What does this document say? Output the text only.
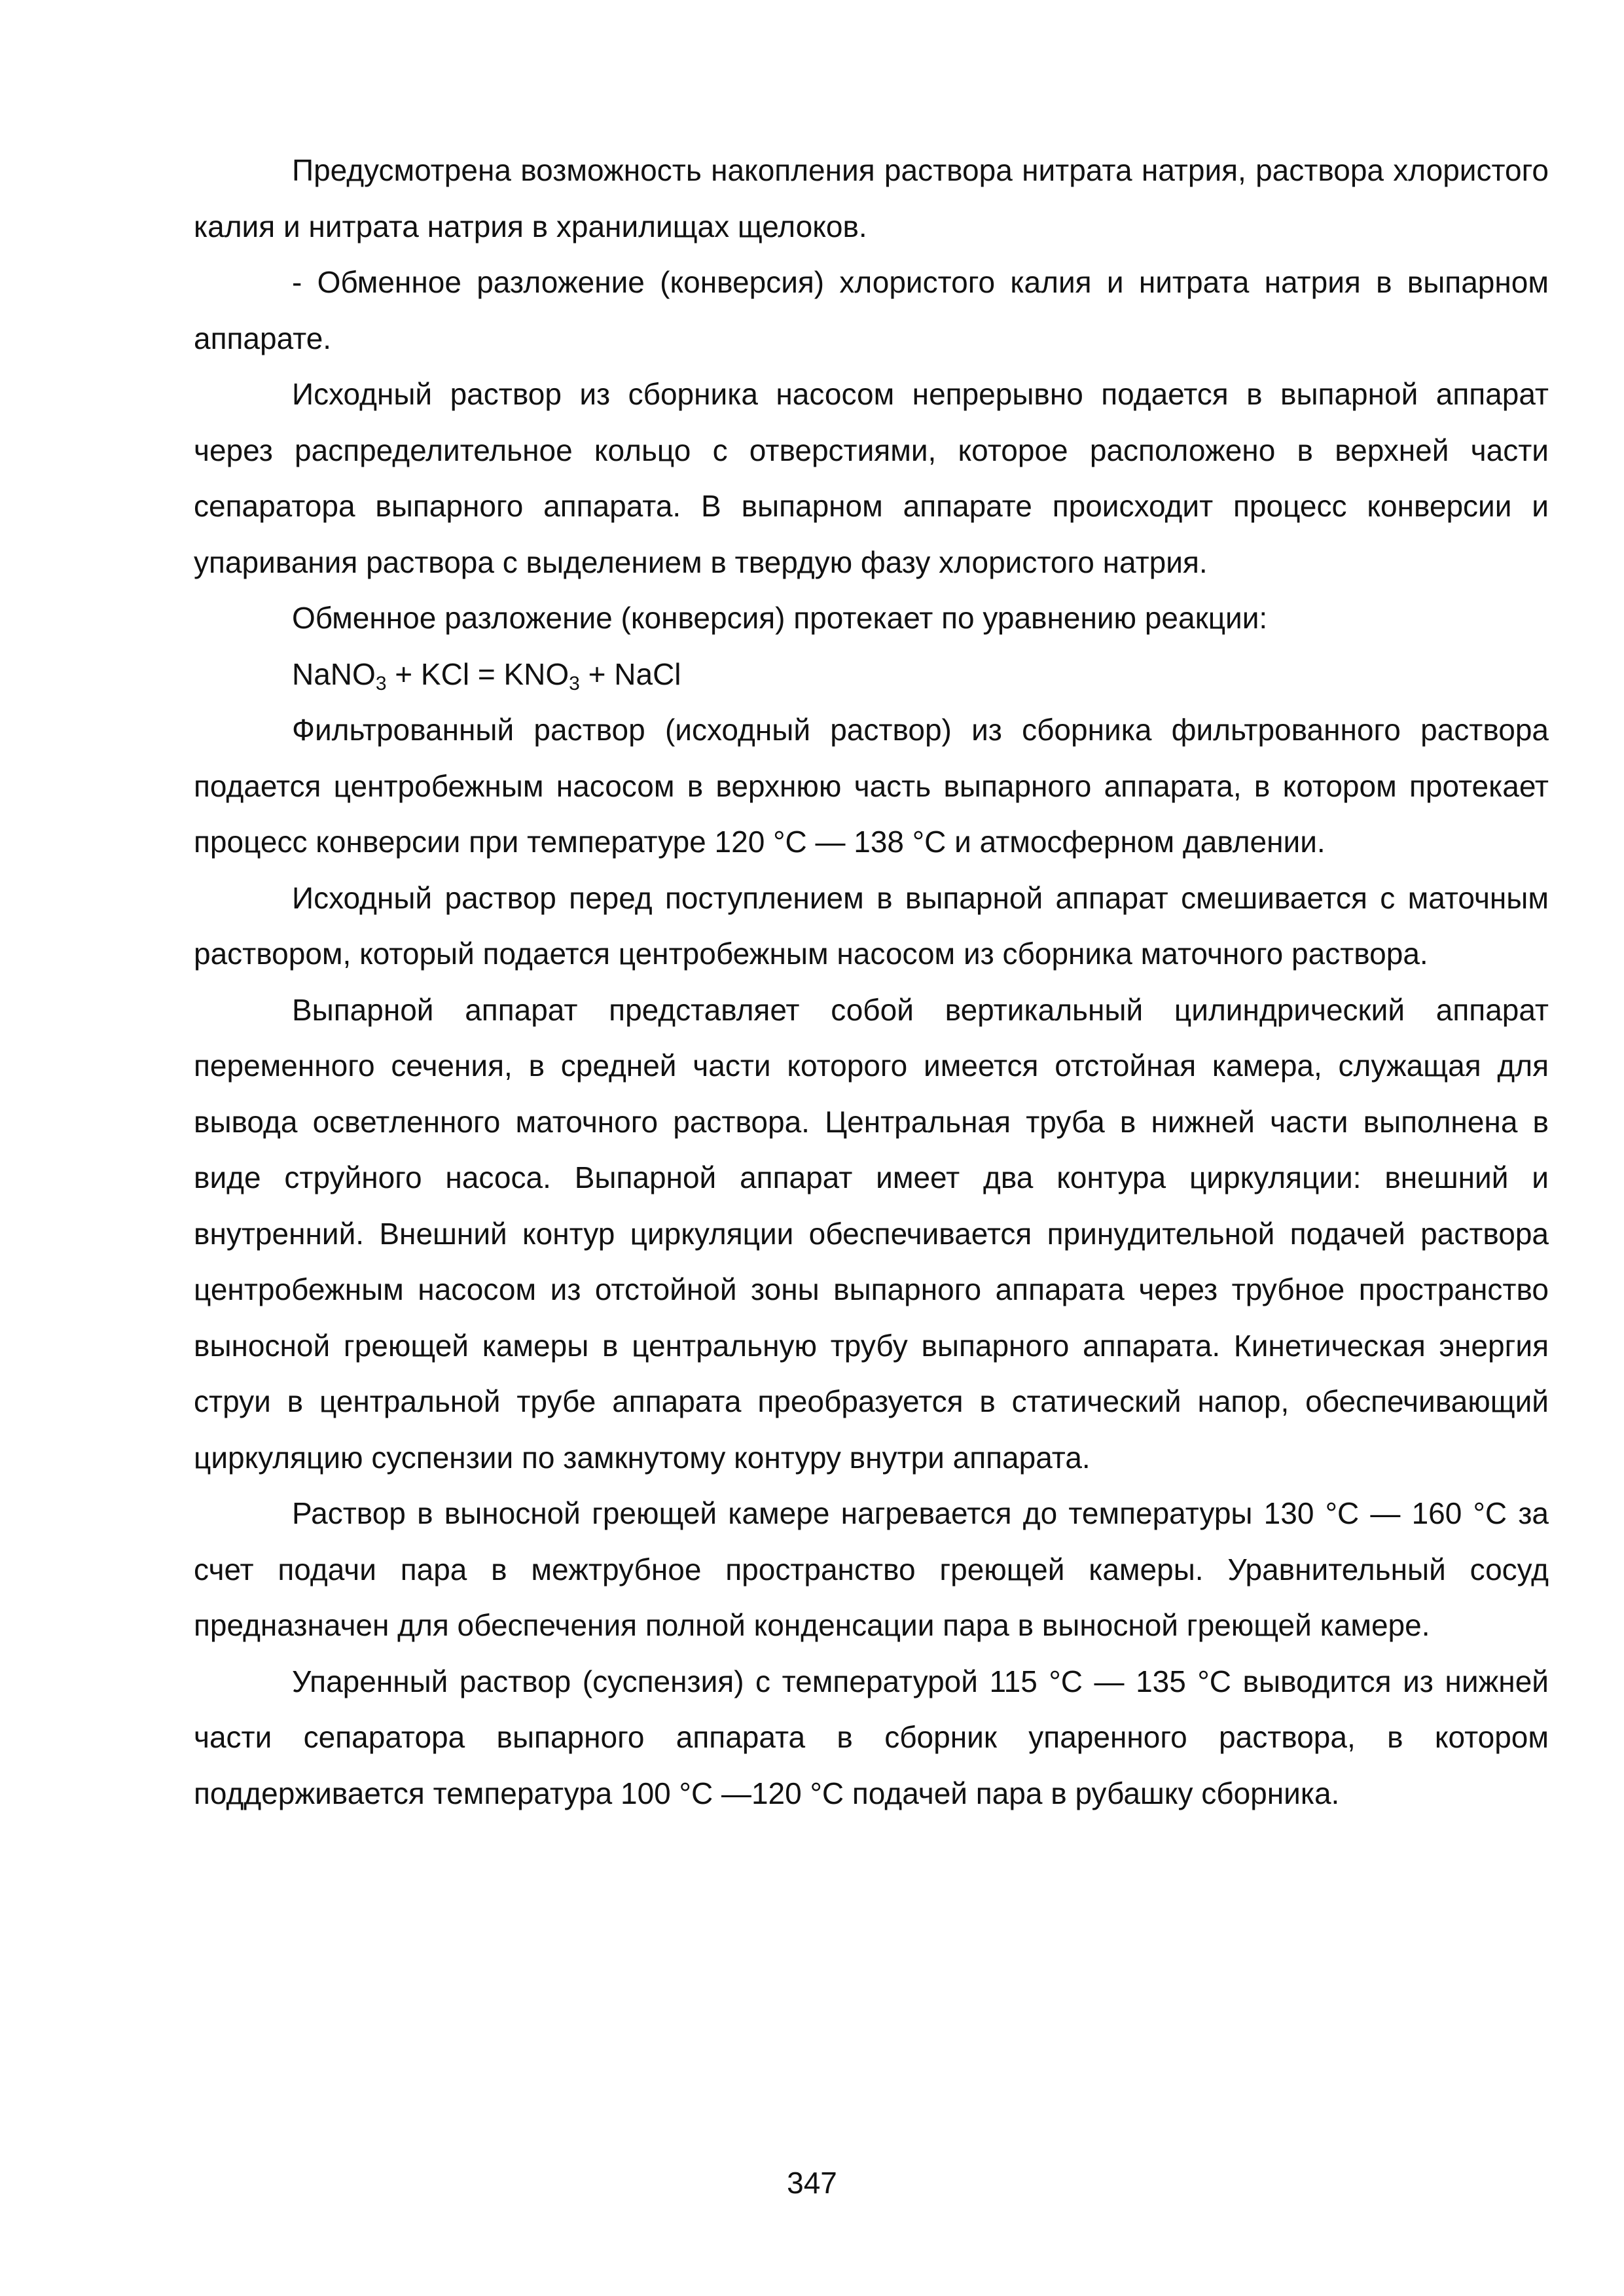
Предусмотрена возможность накопления раствора нитрата натрия, раствора хлористого калия и нитрата натрия в хранилищах щелоков.

- Обменное разложение (конверсия) хлористого калия и нитрата натрия в выпарном аппарате.

Исходный раствор из сборника насосом непрерывно подается в выпарной аппарат через распределительное кольцо с отверстиями, которое расположено в верхней части сепаратора выпарного аппарата. В выпарном аппарате происходит процесс конверсии и упаривания раствора с выделением в твердую фазу хлористого натрия.

Обменное разложение (конверсия) протекает по уравнению реакции:

NaNO$_3$ + KCl = $KNO_3$ + NaCl

Фильтрованный раствор (исходный раствор) из сборника фильтрованного раствора подается центробежным насосом в верхнюю часть выпарного аппарата, в котором протекает процесс конверсии при температуре 120 °С — 138 °С и атмосферном давлении.

Исходный раствор перед поступлением в выпарной аппарат смешивается с маточным раствором, который подается центробежным насосом из сборника маточного раствора.

Выпарной аппарат представляет собой вертикальный цилиндрический аппарат переменного сечения, в средней части которого имеется отстойная камера, служащая для вывода осветленного маточного раствора. Центральная труба в нижней части выполнена в виде струйного насоса. Выпарной аппарат имеет два контура циркуляции: внешний и внутренний. Внешний контур циркуляции обеспечивается принудительной подачей раствора центробежным насосом из отстойной зоны выпарного аппарата через трубное пространство выносной греющей камеры в центральную трубу выпарного аппарата. Кинетическая энергия струи в центральной трубе аппарата преобразуется в статический напор, обеспечивающий циркуляцию суспензии по замкнутому контуру внутри аппарата.

Раствор в выносной греющей камере нагревается до температуры 130 °С — 160 °С за счет подачи пара в межтрубное пространство греющей камеры. Уравнительный сосуд предназначен для обеспечения полной конденсации пара в выносной греющей камере.

Упаренный раствор (суспензия) с температурой 115 °С — 135 °С выводится из нижней части сепаратора выпарного аппарата в сборник упаренного раствора, в котором поддерживается температура 100 °С —120 °С подачей пара в рубашку сборника.

347
